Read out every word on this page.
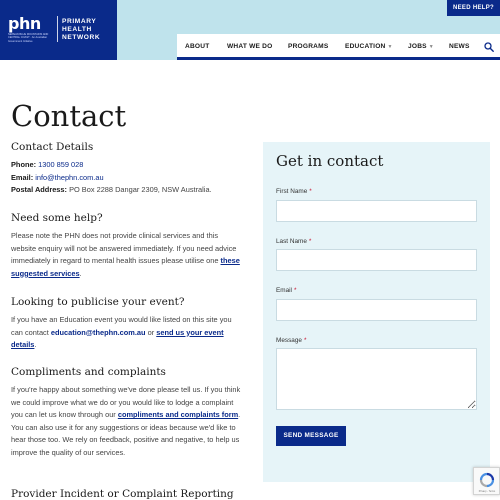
phn
NEPEAN BLUE MOUNTAINS AND CENTRAL COAST · An Australian Government Initiative
PRIMARY
HEALTH
NETWORK
NEED HELP?
ABOUT	WHAT WE DO PROGRAMS	EDUCATION ▼ JOBS ▼ NEWS
Contact
Contact Details
Phone: 1300 859 028
Email: info@thephn.com.au
Postal Address: PO Box 2288 Dangar 2309, NSW Australia.
Need some help?
Please note the PHN does not provide clinical services and this website enquiry will not be answered immediately. If you need advice immediately in regard to mental health issues please utilise one these suggested services.
Looking to publicise your event?
If you have an Education event you would like listed on this site you can contact education@thephn.com.au or send us your event details.
Compliments and complaints
If you're happy about something we've done please tell us. If you think we could improve what we do or you would like to lodge a complaint you can let us know through our compliments and complaints form. You can also use it for any suggestions or ideas because we'd like to hear those too. We rely on feedback, positive and negative, to help us improve the quality of our services.
Provider Incident or Complaint Reporting
Get in contact
First Name *
Last Name *
Email *
Message *
SEND MESSAGE
Privacy - Terms
